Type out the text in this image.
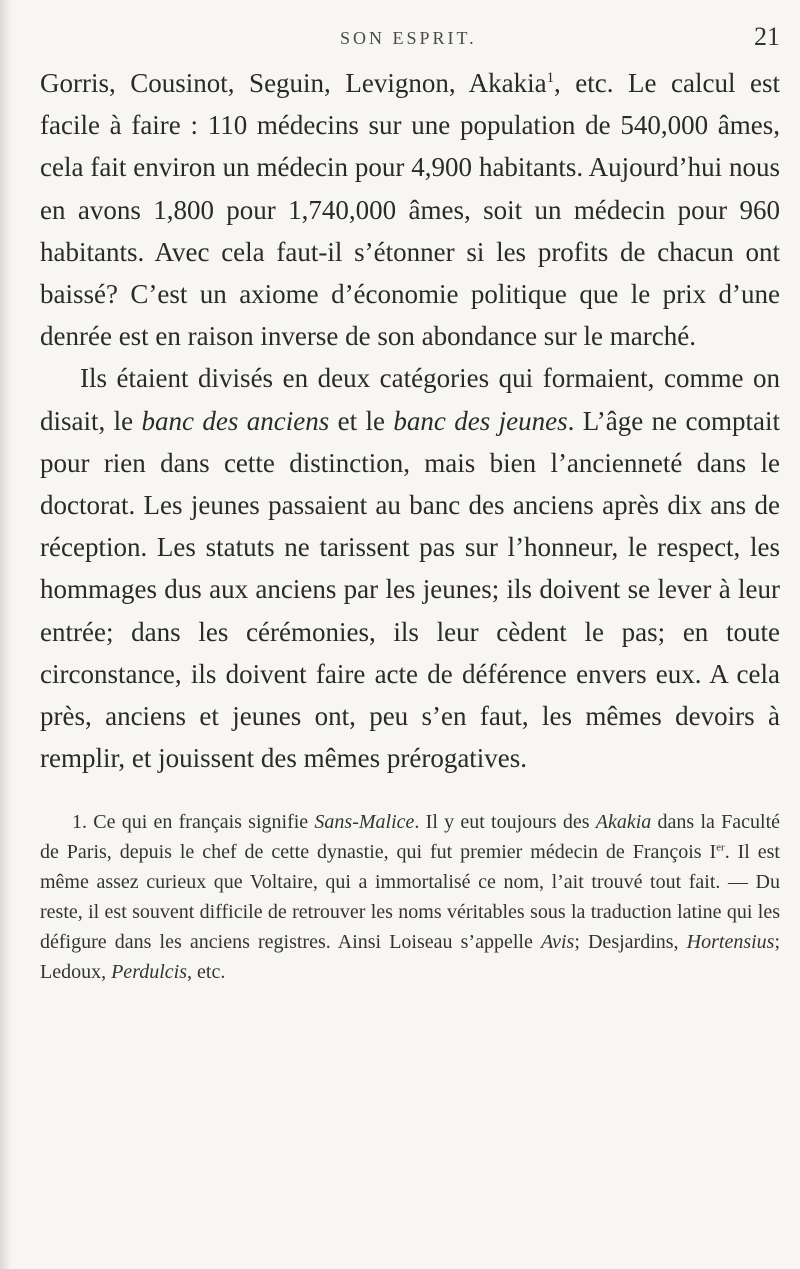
SON ESPRIT.	21

Gorris, Cousinot, Seguin, Levignon, Akakia$^1$, etc. Le calcul est facile à faire : 110 médecins sur une population de 540,000 âmes, cela fait environ un médecin pour 4,900 habitants. Aujourd’hui nous en avons 1,800 pour 1,740,000 âmes, soit un médecin pour 960 habitants. Avec cela faut-il s’étonner si les profits de chacun ont baissé? C’est un axiome d’économie politique que le prix d’une denrée est en raison inverse de son abondance sur le marché.

Ils étaient divisés en deux catégories qui formaient, comme on disait, le banc des anciens et le banc des jeunes. L’âge ne comptait pour rien dans cette distinction, mais bien l’ancienneté dans le doctorat. Les jeunes passaient au banc des anciens après dix ans de réception. Les statuts ne tarissent pas sur l’honneur, le respect, les hommages dus aux anciens par les jeunes; ils doivent se lever à leur entrée; dans les cérémonies, ils leur cèdent le pas; en toute circonstance, ils doivent faire acte de déférence envers eux. A cela près, anciens et jeunes ont, peu s’en faut, les mêmes devoirs à remplir, et jouissent des mêmes prérogatives.

1. Ce qui en français signifie Sans-Malice. Il y eut toujours des Akakia dans la Faculté de Paris, depuis le chef de cette dynastie, qui fut premier médecin de François Ier. Il est même assez curieux que Voltaire, qui a immortalisé ce nom, l’ait trouvé tout fait. — Du reste, il est souvent difficile de retrouver les noms véritables sous la traduction latine qui les défigure dans les anciens registres. Ainsi Loiseau s’appelle Avis; Desjardins, Hortensius; Ledoux, Perdulcis, etc.
